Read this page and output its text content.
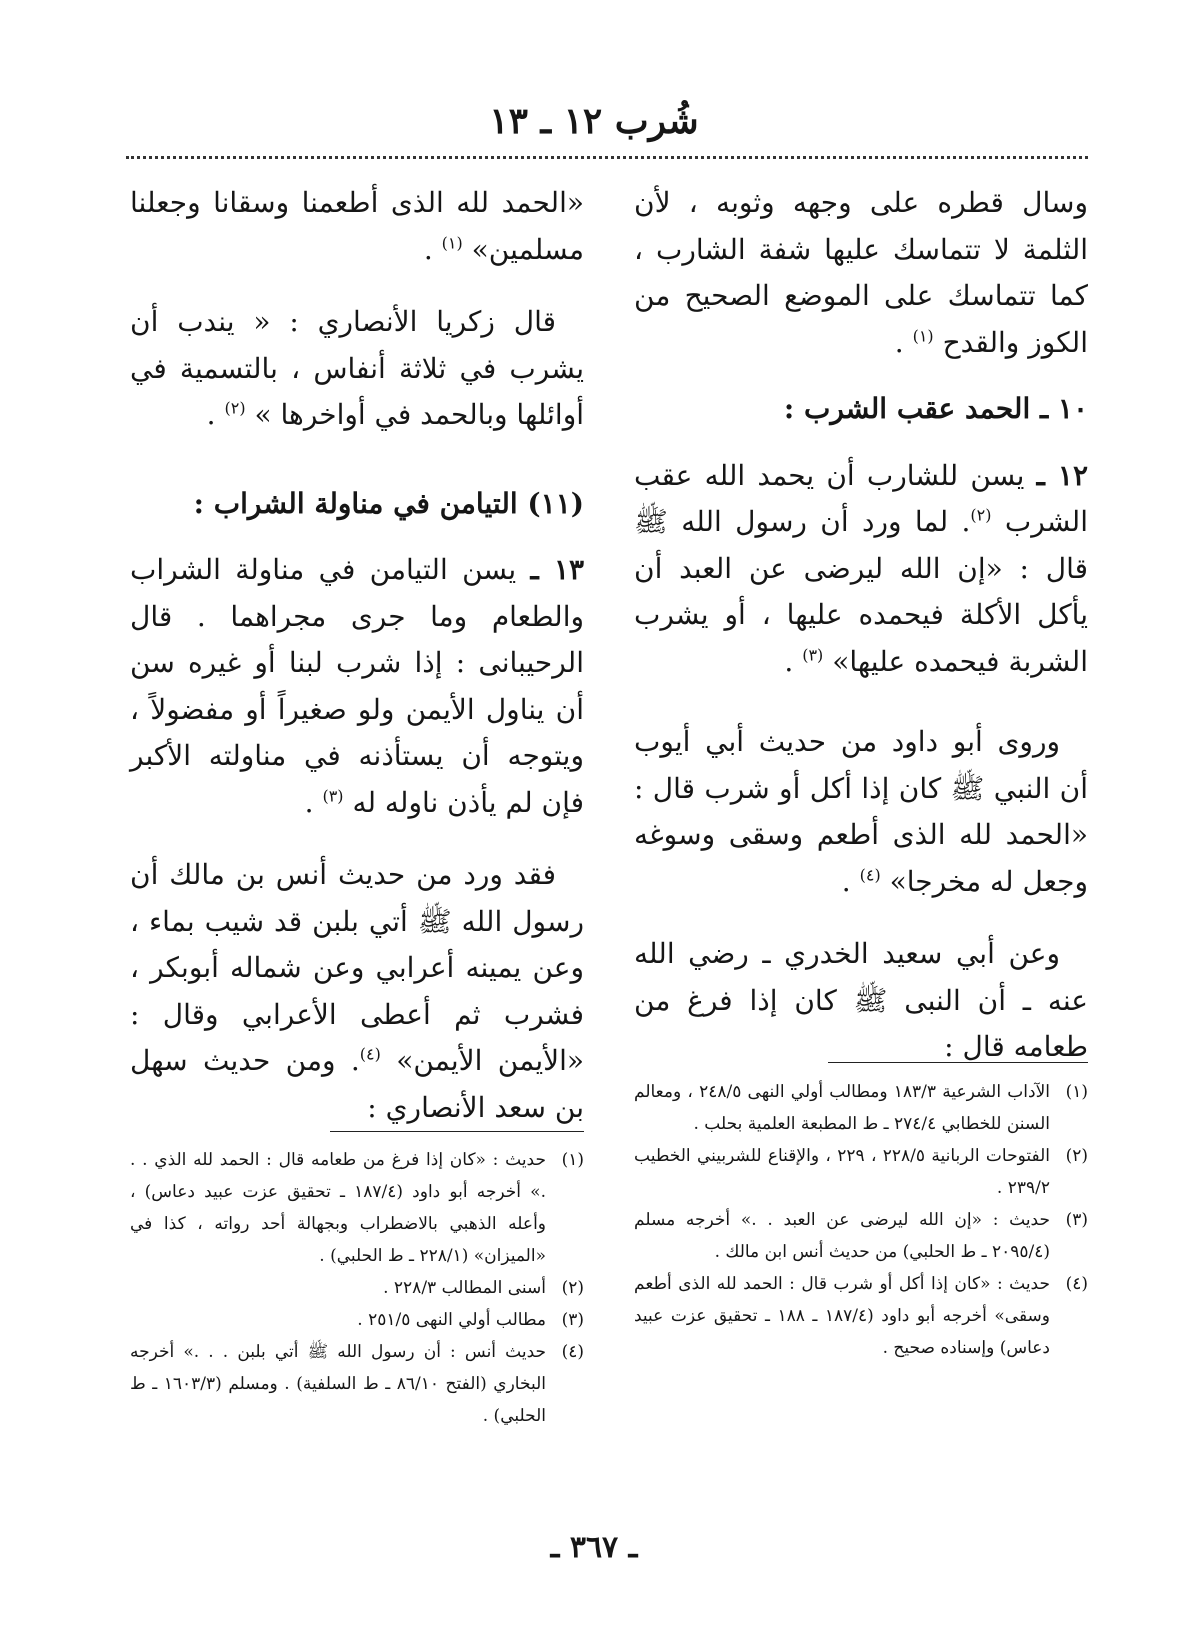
شُرب ١٢ ـ ١٣

وسال قطره على وجهه وثوبه ، لأن الثلمة لا تتماسك عليها شفة الشارب ، كما تتماسك على الموضع الصحيح من الكوز والقدح $^{(١)}$ .

١٠ ـ الحمد عقب الشرب :

١٢ ـ يسن للشارب أن يحمد الله عقب الشرب $^{(٢)}$. لما ورد أن رسول الله ﷺ قال : «إن الله ليرضى عن العبد أن يأكل الأكلة فيحمده عليها ، أو يشرب الشربة فيحمده عليها» $^{(٣)}$ .

وروى أبو داود من حديث أبي أيوب أن النبي ﷺ كان إذا أكل أو شرب قال : «الحمد لله الذى أطعم وسقى وسوغه وجعل له مخرجا» $^{(٤)}$ .

وعن أبي سعيد الخدري ـ رضي الله عنه ـ أن النبى ﷺ كان إذا فرغ من طعامه قال :

«الحمد لله الذى أطعمنا وسقانا وجعلنا مسلمين» $^{(١)}$ .

قال زكريا الأنصاري : « يندب أن يشرب في ثلاثة أنفاس ، بالتسمية في أوائلها وبالحمد في أواخرها » $^{(٢)}$ .

(١١) التيامن في مناولة الشراب :

١٣ ـ يسن التيامن في مناولة الشراب والطعام وما جرى مجراهما . قال الرحيبانى : إذا شرب لبنا أو غيره سن أن يناول الأيمن ولو صغيراً أو مفضولاً ، ويتوجه أن يستأذنه في مناولته الأكبر فإن لم يأذن ناوله له $^{(٣)}$ .

فقد ورد من حديث أنس بن مالك أن رسول الله ﷺ أتي بلبن قد شيب بماء ، وعن يمينه أعرابي وعن شماله أبوبكر ، فشرب ثم أعطى الأعرابي وقال : «الأيمن الأيمن» $^{(٤)}$. ومن حديث سهل بن سعد الأنصاري :	(١)
الآداب الشرعية ١٨٣/٣ ومطالب أولي النهى ٢٤٨/٥ ، ومعالم السنن للخطابي ٢٧٤/٤ ـ ط المطبعة العلمية بحلب .
(٢)
الفتوحات الربانية ٢٢٨/٥ ، ٢٢٩ ، والإقناع للشربيني الخطيب ٢٣٩/٢ .
(٣)
حديث : «إن الله ليرضى عن العبد . .» أخرجه مسلم (٢٠٩٥/٤ ـ ط الحلبي) من حديث أنس ابن مالك .
(٤)
حديث : «كان إذا أكل أو شرب قال : الحمد لله الذى أطعم وسقى» أخرجه أبو داود (١٨٧/٤ ـ ١٨٨ ـ تحقيق عزت عبيد دعاس) وإسناده صحيح .
(١)
حديث : «كان إذا فرغ من طعامه قال : الحمد لله الذي . . .» أخرجه أبو داود (١٨٧/٤ ـ تحقيق عزت عبيد دعاس) ، وأعله الذهبي بالاضطراب وبجهالة أحد رواته ، كذا في «الميزان» (٢٢٨/١ ـ ط الحلبي) .
(٢)
أسنى المطالب ٢٢٨/٣ .
(٣)
مطالب أولي النهى ٢٥١/٥ .
(٤)
حديث أنس : أن رسول الله ﷺ أتي بلبن . . .» أخرجه البخاري (الفتح ٨٦/١٠ ـ ط السلفية) . ومسلم (١٦٠٣/٣ ـ ط الحلبي) .
ـ ٣٦٧ ـ
